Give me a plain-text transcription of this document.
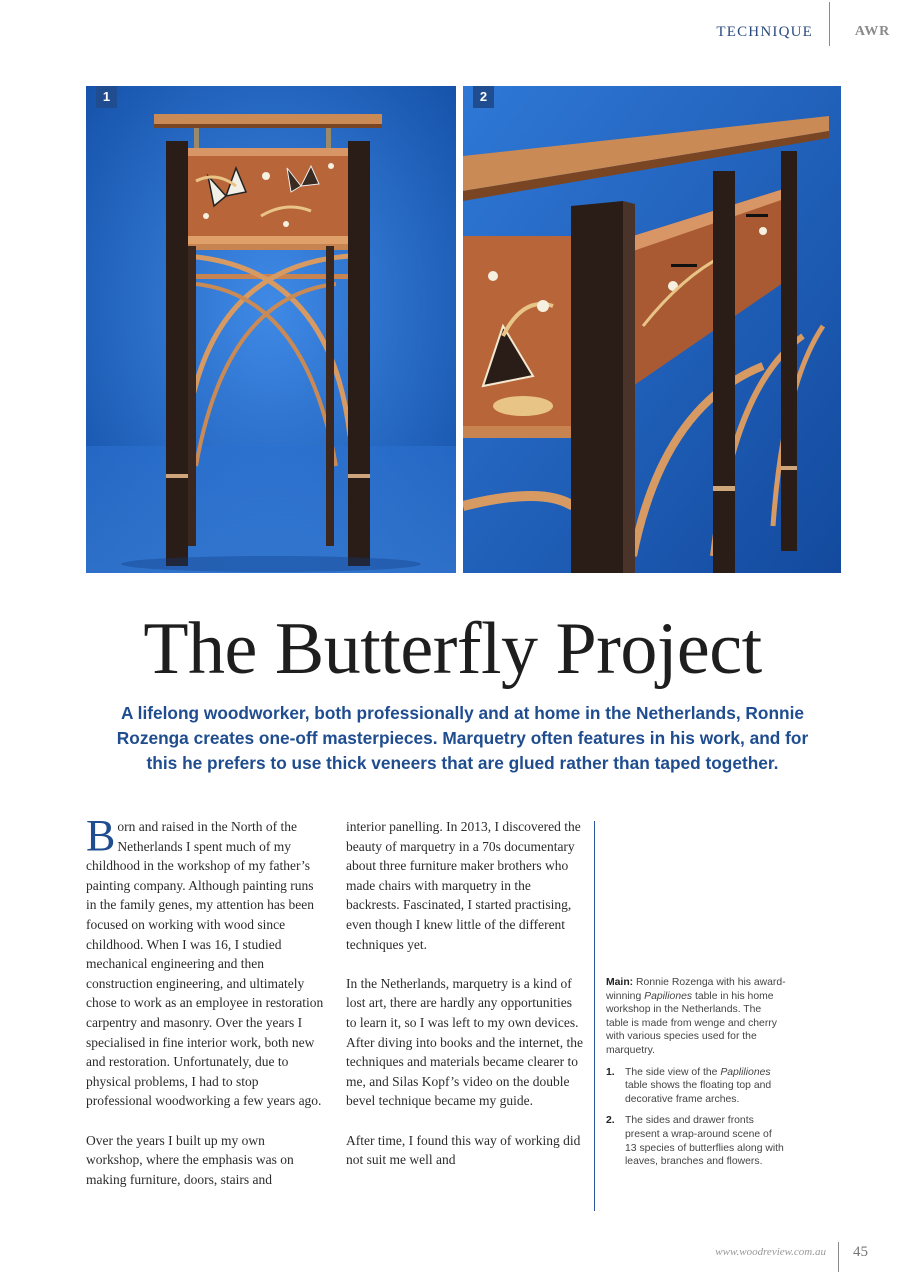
TECHNIQUE	AWR
1	2
The Butterfly Project
A lifelong woodworker, both professionally and at home in the Netherlands, Ronnie Rozenga creates one-off masterpieces. Marquetry often features in his work, and for this he prefers to use thick veneers that are glued rather than taped together.

Born and raised in the North of the Netherlands I spent much of my childhood in the workshop of my father’s painting company. Although painting runs in the family genes, my attention has been focused on working with wood since childhood. When I was 16, I studied mechanical engineering and then construction engineering, and ultimately chose to work as an employee in restoration carpentry and masonry. Over the years I specialised in fine interior work, both new and restoration. Unfortunately, due to physical problems, I had to stop professional woodworking a few years ago.

Over the years I built up my own workshop, where the emphasis was on making furniture, doors, stairs and

interior panelling. In 2013, I discovered the beauty of marquetry in a 70s documentary about three furniture maker brothers who made chairs with marquetry in the backrests. Fascinated, I started practising, even though I knew little of the different techniques yet.

In the Netherlands, marquetry is a kind of lost art, there are hardly any opportunities to learn it, so I was left to my own devices. After diving into books and the internet, the techniques and materials became clearer to me, and Silas Kopf’s video on the double bevel technique became my guide.

After time, I found this way of working did not suit me well and

Main: Ronnie Rozenga with his award-winning Papiliones table in his home workshop in the Netherlands. The table is made from wenge and cherry with various species used for the marquetry.

1. The side view of the Papliliones table shows the floating top and decorative frame arches.
2. The sides and drawer fronts present a wrap-around scene of 13 species of butterflies along with leaves, branches and flowers.
www.woodreview.com.au 45
